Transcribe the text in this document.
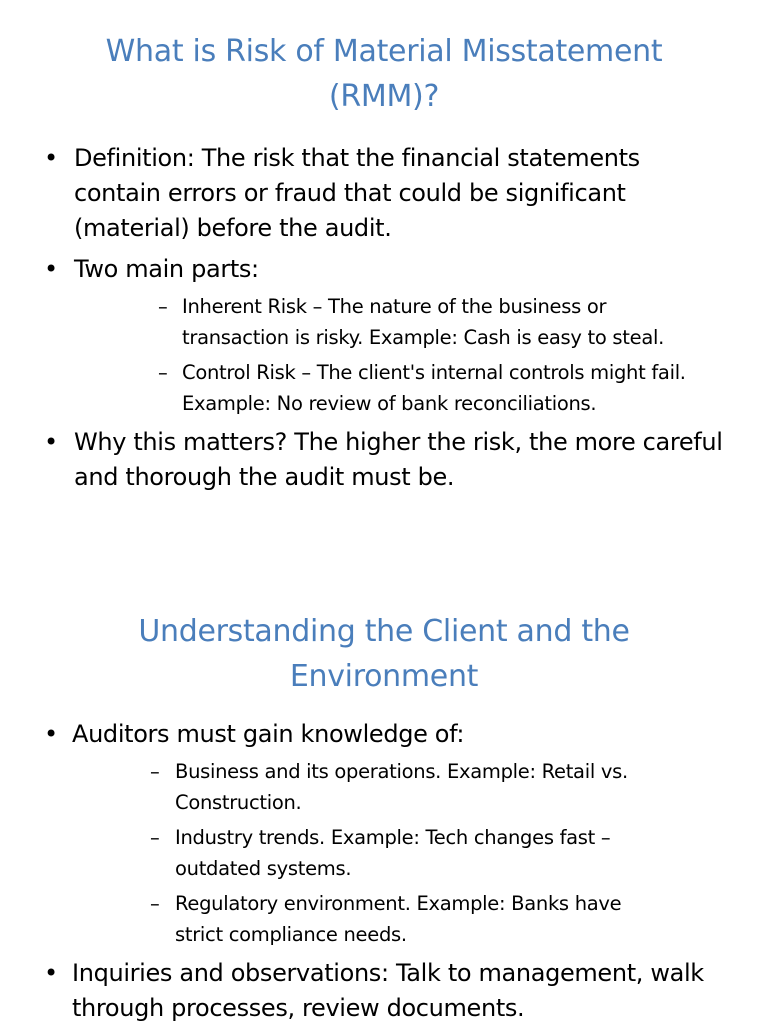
What is Risk of Material Misstatement (RMM)?
• Definition: The risk that the financial statements contain errors or fraud that could be significant (material) before the audit.
• Two main parts:
– Inherent Risk – The nature of the business or transaction is risky. Example: Cash is easy to steal.
– Control Risk – The client's internal controls might fail. Example: No review of bank reconciliations.
• Why this matters? The higher the risk, the more careful and thorough the audit must be.
Understanding the Client and the Environment
• Auditors must gain knowledge of:
– Business and its operations. Example: Retail vs. Construction.
– Industry trends. Example: Tech changes fast – outdated systems.
– Regulatory environment. Example: Banks have strict compliance needs.
• Inquiries and observations: Talk to management, walk through processes, review documents.
